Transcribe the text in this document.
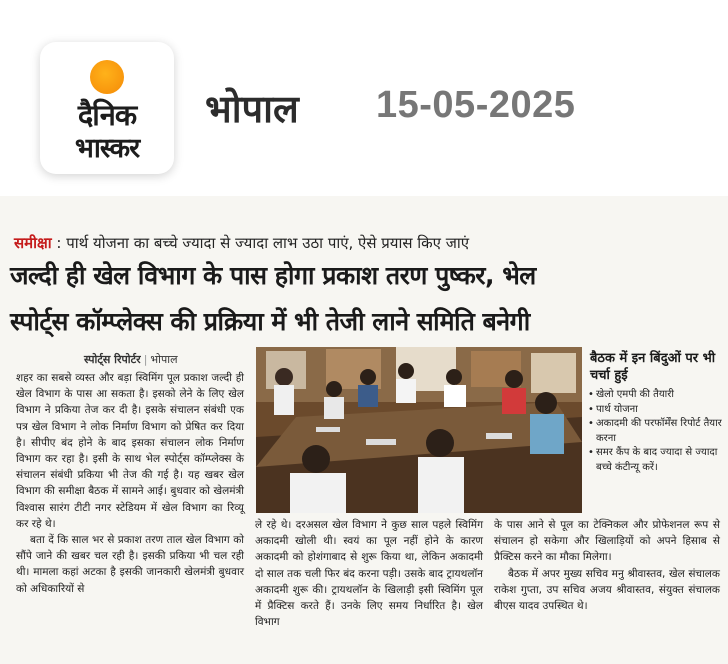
दैनिक
भास्कर
भोपाल 15-05-2025
समीक्षा : पार्थ योजना का बच्चे ज्यादा से ज्यादा लाभ उठा पाएं, ऐसे प्रयास किए जाएं
जल्दी ही खेल विभाग के पास होगा प्रकाश तरण पुष्कर, भेल
स्पोर्ट्स कॉम्प्लेक्स की प्रक्रिया में भी तेजी लाने समिति बनेगी
स्पोर्ट्स रिपोर्टर | भोपाल

शहर का सबसे व्यस्त और बड़ा स्विमिंग पूल प्रकाश जल्दी ही खेल विभाग के पास आ सकता है। इसको लेने के लिए खेल विभाग ने प्रकिया तेज कर दी है। इसके संचालन संबंधी एक पत्र खेल विभाग ने लोक निर्माण विभाग को प्रेषित कर दिया है। सीपीए बंद होने के बाद इसका संचालन लोक निर्माण विभाग कर रहा है। इसी के साथ भेल स्पोर्ट्स कॉम्प्लेक्स के संचालन संबंधी प्रकिया भी तेज की गई है। यह खबर खेल विभाग की समीक्षा बैठक में सामने आई। बुधवार को खेलमंत्री विश्वास सारंग टीटी नगर स्टेडियम में खेल विभाग का रिव्यू कर रहे थे।

बता दें कि साल भर से प्रकाश तरण ताल खेल विभाग को सौंपे जाने की खबर चल रही है। इसकी प्रकिया भी चल रही थी। मामला कहां अटका है इसकी जानकारी खेलमंत्री बुधवार को अधिकारियों से

बैठक में इन बिंदुओं पर भी चर्चा हुई
• खेलो एमपी की तैयारी
• पार्थ योजना
• अकादमी की परफॉर्मेंस रिपोर्ट तैयार करना
• समर कैंप के बाद ज्यादा से ज्यादा बच्चे कंटीन्यू करें।

ले रहे थे। दरअसल खेल विभाग ने कुछ साल पहले स्विमिंग अकादमी खोली थी। स्वयं का पूल नहीं होने के कारण अकादमी को होशंगाबाद से शुरू किया था, लेकिन अकादमी दो साल तक चली फिर बंद करना पड़ी। उसके बाद ट्रायथलॉन अकादमी शुरू की। ट्रायथलॉन के खिलाड़ी इसी स्विमिंग पूल में प्रैक्टिस करते हैं। उनके लिए समय निर्धारित है। खेल विभाग

के पास आने से पूल का टेक्निकल और प्रोफेशनल रूप से संचालन हो सकेगा और खिलाड़ियों को अपने हिसाब से प्रैक्टिस करने का मौका मिलेगा।

बैठक में अपर मुख्य सचिव मनु श्रीवास्तव, खेल संचालक राकेश गुप्ता, उप सचिव अजय श्रीवास्तव, संयुक्त संचालक बीएस यादव उपस्थित थे।
